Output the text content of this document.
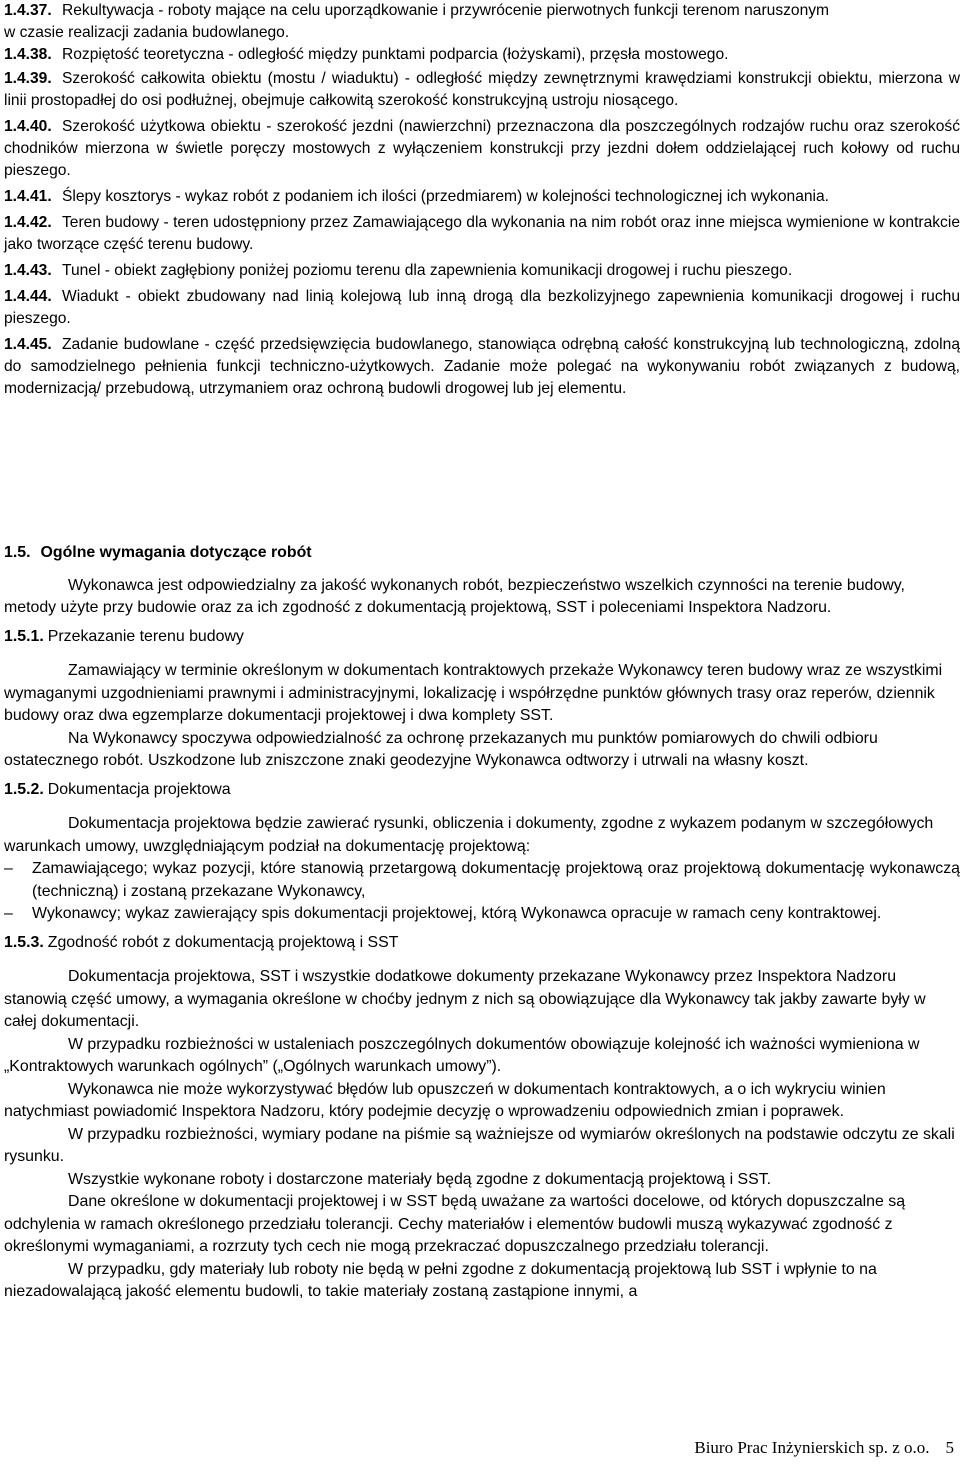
1.4.37. Rekultywacja - roboty mające na celu uporządkowanie i przywrócenie pierwotnych funkcji terenom naruszonym
w czasie realizacji zadania budowlanego.

1.4.38. Rozpiętość teoretyczna - odległość między punktami podparcia (łożyskami), przęsła mostowego.

1.4.39. Szerokość całkowita obiektu (mostu / wiaduktu) - odległość między zewnętrznymi krawędziami konstrukcji obiektu, mierzona w linii prostopadłej do osi podłużnej, obejmuje całkowitą szerokość konstrukcyjną ustroju niosącego.

1.4.40. Szerokość użytkowa obiektu - szerokość jezdni (nawierzchni) przeznaczona dla poszczególnych rodzajów ruchu oraz szerokość chodników mierzona w świetle poręczy mostowych z wyłączeniem konstrukcji przy jezdni dołem oddzielającej ruch kołowy od ruchu pieszego.

1.4.41. Ślepy kosztorys - wykaz robót z podaniem ich ilości (przedmiarem) w kolejności technologicznej ich wykonania.

1.4.42. Teren budowy - teren udostępniony przez Zamawiającego dla wykonania na nim robót oraz inne miejsca wymienione w kontrakcie jako tworzące część terenu budowy.

1.4.43. Tunel - obiekt zagłębiony poniżej poziomu terenu dla zapewnienia komunikacji drogowej i ruchu pieszego.

1.4.44. Wiadukt - obiekt zbudowany nad linią kolejową lub inną drogą dla bezkolizyjnego zapewnienia komunikacji drogowej i ruchu pieszego.

1.4.45. Zadanie budowlane - część przedsięwzięcia budowlanego, stanowiąca odrębną całość konstrukcyjną lub technologiczną, zdolną do samodzielnego pełnienia funkcji techniczno-użytkowych. Zadanie może polegać na wykonywaniu robót związanych z budową, modernizacją/ przebudową, utrzymaniem oraz ochroną budowli drogowej lub jej elementu.

1.5. Ogólne wymagania dotyczące robót

Wykonawca jest odpowiedzialny za jakość wykonanych robót, bezpieczeństwo wszelkich czynności na terenie budowy, metody użyte przy budowie oraz za ich zgodność z dokumentacją projektową, SST i poleceniami Inspektora Nadzoru.

1.5.1. Przekazanie terenu budowy

Zamawiający w terminie określonym w dokumentach kontraktowych przekaże Wykonawcy teren budowy wraz ze wszystkimi wymaganymi uzgodnieniami prawnymi i administracyjnymi, lokalizację i współrzędne punktów głównych trasy oraz reperów, dziennik budowy oraz dwa egzemplarze dokumentacji projektowej i dwa komplety SST.

Na Wykonawcy spoczywa odpowiedzialność za ochronę przekazanych mu punktów pomiarowych do chwili odbioru ostatecznego robót. Uszkodzone lub zniszczone znaki geodezyjne Wykonawca odtworzy i utrwali na własny koszt.

1.5.2. Dokumentacja projektowa

Dokumentacja projektowa będzie zawierać rysunki, obliczenia i dokumenty, zgodne z wykazem podanym w szczegółowych warunkach umowy, uwzględniającym podział na dokumentację projektową:

–	Zamawiającego; wykaz pozycji, które stanowią przetargową dokumentację projektową oraz projektową dokumentację wykonawczą (techniczną) i zostaną przekazane Wykonawcy,
–	Wykonawcy; wykaz zawierający spis dokumentacji projektowej, którą Wykonawca opracuje w ramach ceny kontraktowej.
1.5.3. Zgodność robót z dokumentacją projektową i SST

Dokumentacja projektowa, SST i wszystkie dodatkowe dokumenty przekazane Wykonawcy przez Inspektora Nadzoru stanowią część umowy, a wymagania określone w choćby jednym z nich są obowiązujące dla Wykonawcy tak jakby zawarte były w całej dokumentacji.

W przypadku rozbieżności w ustaleniach poszczególnych dokumentów obowiązuje kolejność ich ważności wymieniona w „Kontraktowych warunkach ogólnych” („Ogólnych warunkach umowy”).

Wykonawca nie może wykorzystywać błędów lub opuszczeń w dokumentach kontraktowych, a o ich wykryciu winien natychmiast powiadomić Inspektora Nadzoru, który podejmie decyzję o wprowadzeniu odpowiednich zmian i poprawek.

W przypadku rozbieżności, wymiary podane na piśmie są ważniejsze od wymiarów określonych na podstawie odczytu ze skali rysunku.

Wszystkie wykonane roboty i dostarczone materiały będą zgodne z dokumentacją projektową i SST.

Dane określone w dokumentacji projektowej i w SST będą uważane za wartości docelowe, od których dopuszczalne są odchylenia w ramach określonego przedziału tolerancji. Cechy materiałów i elementów budowli muszą wykazywać zgodność z określonymi wymaganiami, a rozrzuty tych cech nie mogą przekraczać dopuszczalnego przedziału tolerancji.

W przypadku, gdy materiały lub roboty nie będą w pełni zgodne z dokumentacją projektową lub SST i wpłynie to na niezadowalającą jakość elementu budowli, to takie materiały zostaną zastąpione innymi, a

Biuro Prac Inżynierskich sp. z o.o. 5
